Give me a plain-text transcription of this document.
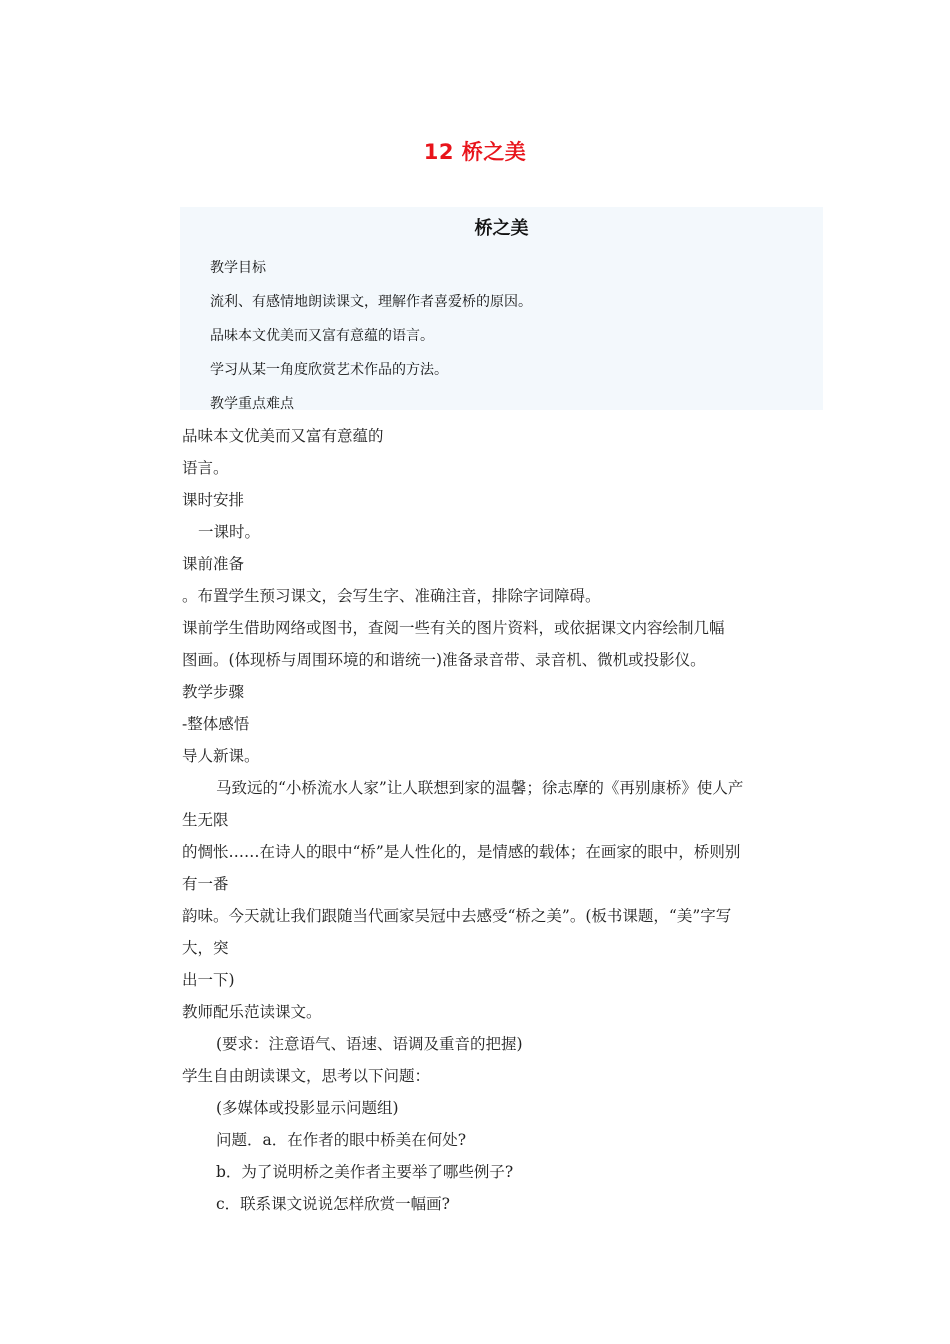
12 桥之美
桥之美
教学目标
流利、有感情地朗读课文，理解作者喜爱桥的原因。
品味本文优美而又富有意蕴的语言。
学习从某一角度欣赏艺术作品的方法。
教学重点难点
品味本文优美而又富有意蕴的
语言。
课时安排
一课时。
课前准备
。布置学生预习课文，会写生字、准确注音，排除字词障碍。
课前学生借助网络或图书，查阅一些有关的图片资料，或依据课文内容绘制几幅
图画。(体现桥与周围环境的和谐统一)准备录音带、录音机、微机或投影仪。
教学步骤
-整体感悟
导人新课。
马致远的“小桥流水人家”让人联想到家的温馨；徐志摩的《再别康桥》使人产
生无限
的惆怅……在诗人的眼中“桥”是人性化的，是情感的载体；在画家的眼中，桥则别
有一番
韵味。今天就让我们跟随当代画家吴冠中去感受“桥之美”。(板书课题，“美”字写
大，突
出一下)
教师配乐范读课文。
(要求：注意语气、语速、语调及重音的把握)
学生自由朗读课文，思考以下问题：
(多媒体或投影显示问题组)
问题．a．在作者的眼中桥美在何处?
b．为了说明桥之美作者主要举了哪些例子?
c．联系课文说说怎样欣赏一幅画?
